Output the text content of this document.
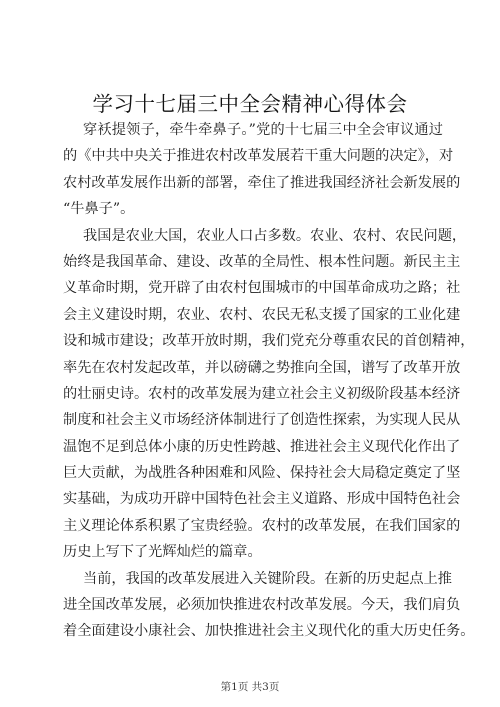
学习十七届三中全会精神心得体会
穿袄提领子，牵牛牵鼻子。”党的十七届三中全会审议通过
的《中共中央关于推进农村改革发展若干重大问题的决定》，对
农村改革发展作出新的部署，牵住了推进我国经济社会新发展的
“牛鼻子”。
我国是农业大国，农业人口占多数。农业、农村、农民问题，
始终是我国革命、建设、改革的全局性、根本性问题。新民主主
义革命时期，党开辟了由农村包围城市的中国革命成功之路；社
会主义建设时期，农业、农村、农民无私支援了国家的工业化建
设和城市建设；改革开放时期，我们党充分尊重农民的首创精神，
率先在农村发起改革，并以磅礴之势推向全国，谱写了改革开放
的壮丽史诗。农村的改革发展为建立社会主义初级阶段基本经济
制度和社会主义市场经济体制进行了创造性探索，为实现人民从
温饱不足到总体小康的历史性跨越、推进社会主义现代化作出了
巨大贡献，为战胜各种困难和风险、保持社会大局稳定奠定了坚
实基础，为成功开辟中国特色社会主义道路、形成中国特色社会
主义理论体系积累了宝贵经验。农村的改革发展，在我们国家的
历史上写下了光辉灿烂的篇章。
当前，我国的改革发展进入关键阶段。在新的历史起点上推
进全国改革发展，必须加快推进农村改革发展。今天，我们肩负
着全面建设小康社会、加快推进社会主义现代化的重大历史任务。
第1页 共3页
